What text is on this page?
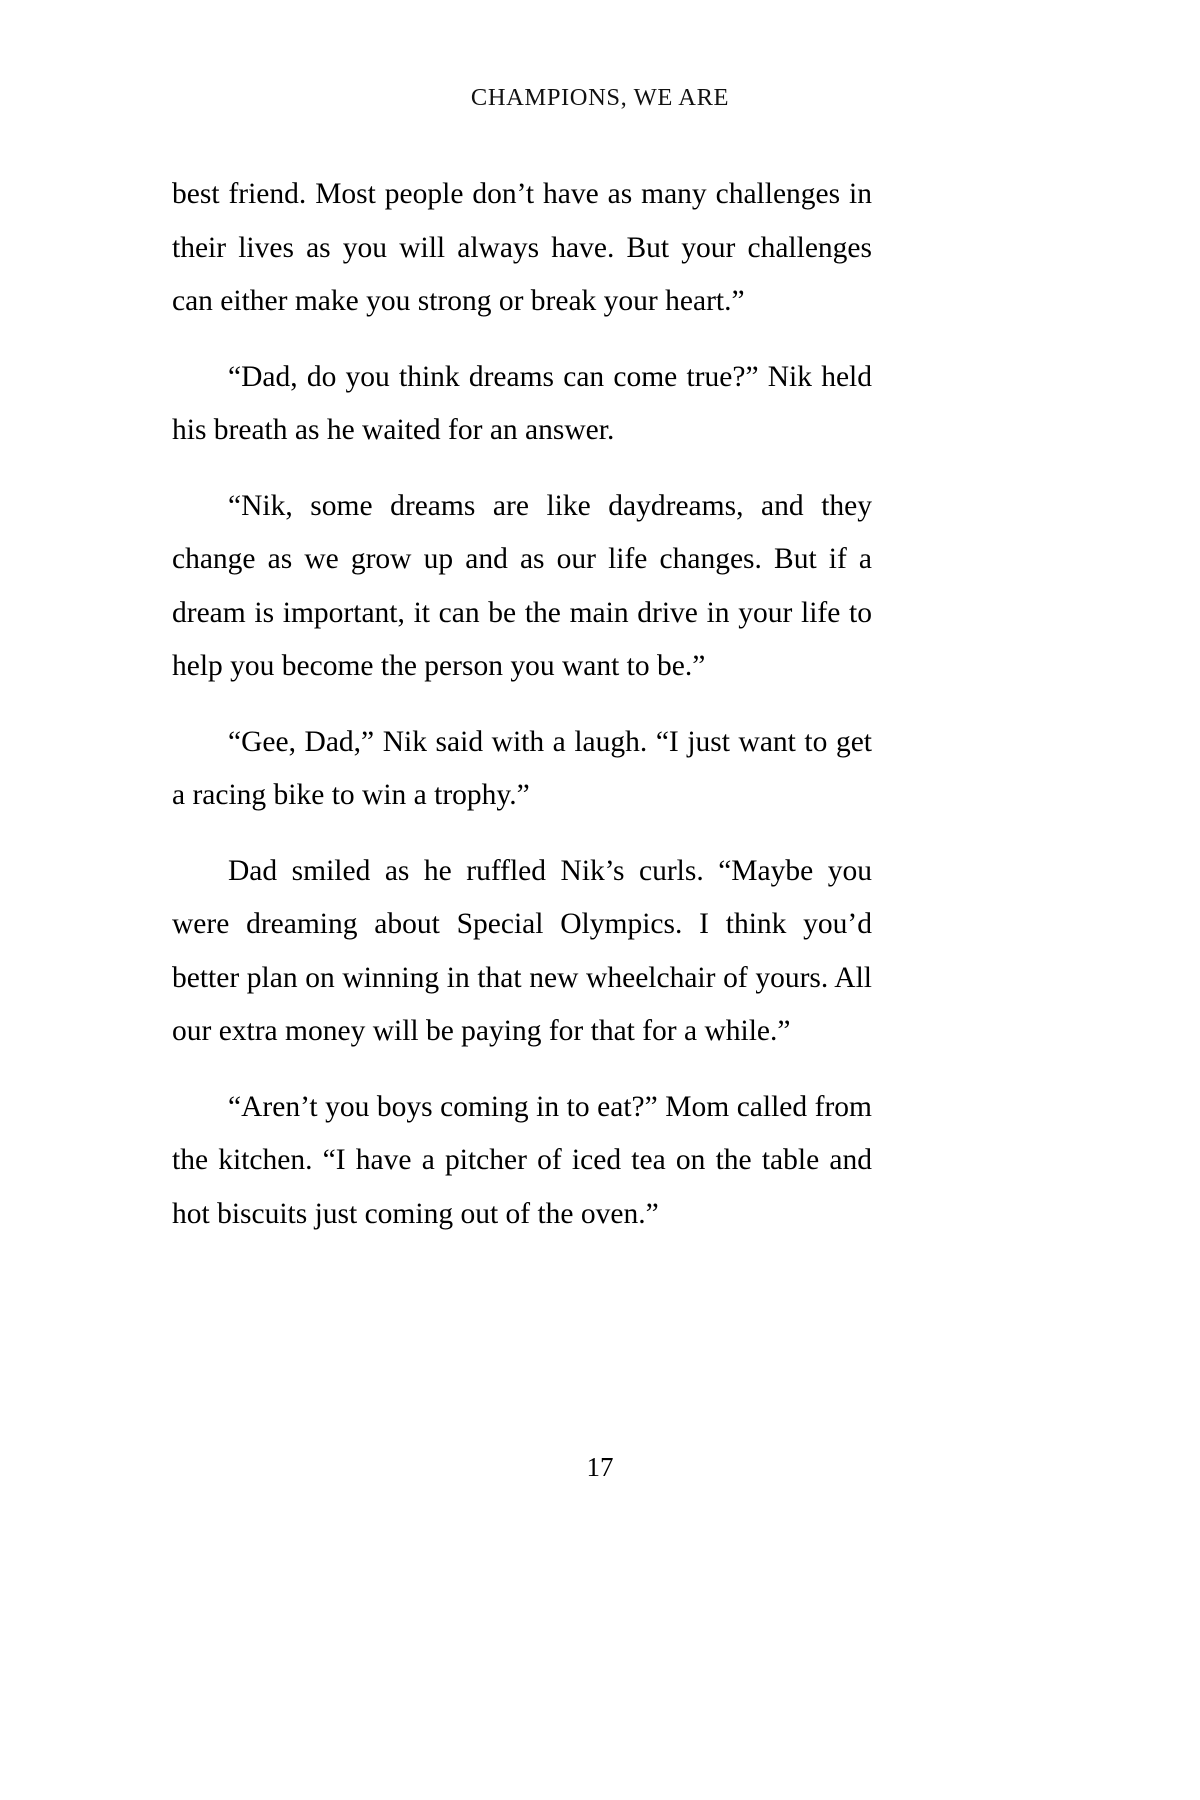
CHAMPIONS, WE ARE

best friend. Most people don’t have as many challenges in their lives as you will always have. But your challenges can either make you strong or break your heart.”

“Dad, do you think dreams can come true?” Nik held his breath as he waited for an answer.

“Nik, some dreams are like daydreams, and they change as we grow up and as our life changes. But if a dream is important, it can be the main drive in your life to help you become the person you want to be.”

“Gee, Dad,” Nik said with a laugh. “I just want to get a racing bike to win a trophy.”

Dad smiled as he ruffled Nik’s curls. “Maybe you were dreaming about Special Olympics. I think you’d better plan on winning in that new wheelchair of yours. All our extra money will be paying for that for a while.”

“Aren’t you boys coming in to eat?” Mom called from the kitchen. “I have a pitcher of iced tea on the table and hot biscuits just coming out of the oven.”

17
